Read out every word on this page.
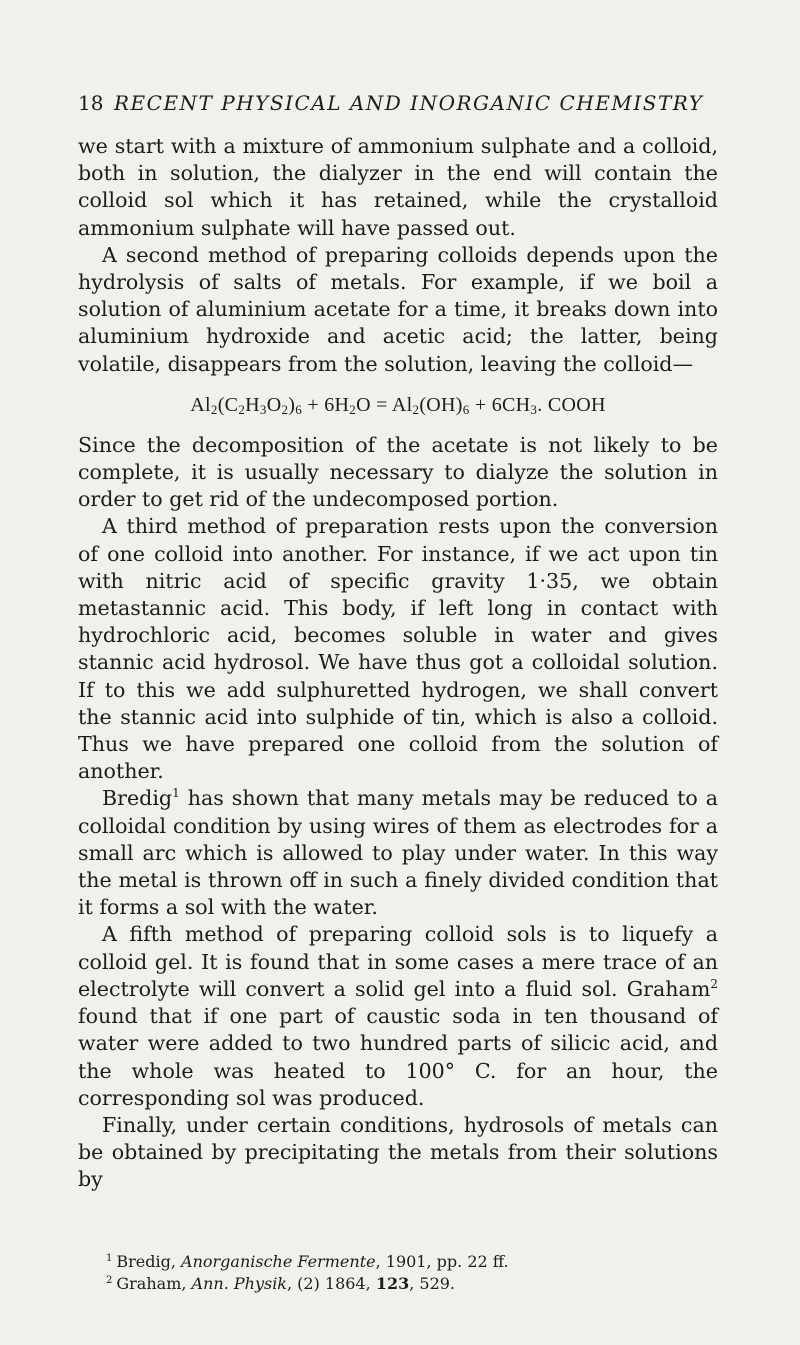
18 RECENT PHYSICAL AND INORGANIC CHEMISTRY

we start with a mixture of ammonium sulphate and a colloid, both in solution, the dialyzer in the end will contain the colloid sol which it has retained, while the crystalloid ammonium sulphate will have passed out.

A second method of preparing colloids depends upon the hydrolysis of salts of metals. For example, if we boil a solution of aluminium acetate for a time, it breaks down into aluminium hydroxide and acetic acid; the latter, being volatile, disappears from the solution, leaving the colloid—

$Al_2(C_2H_3O_2)_6 + 6H_2O = Al_2(OH)_6 + 6CH_3$. COOH

Since the decomposition of the acetate is not likely to be complete, it is usually necessary to dialyze the solution in order to get rid of the undecomposed portion.

A third method of preparation rests upon the conversion of one colloid into another. For instance, if we act upon tin with nitric acid of specific gravity 1·35, we obtain metastannic acid. This body, if left long in contact with hydrochloric acid, becomes soluble in water and gives stannic acid hydrosol. We have thus got a colloidal solution. If to this we add sulphuretted hydrogen, we shall convert the stannic acid into sulphide of tin, which is also a colloid. Thus we have prepared one colloid from the solution of another.

Bredig$^1$ has shown that many metals may be reduced to a colloidal condition by using wires of them as electrodes for a small arc which is allowed to play under water. In this way the metal is thrown off in such a finely divided condition that it forms a sol with the water.

A fifth method of preparing colloid sols is to liquefy a colloid gel. It is found that in some cases a mere trace of an electrolyte will convert a solid gel into a fluid sol. Graham$^2$ found that if one part of caustic soda in ten thousand of water were added to two hundred parts of silicic acid, and the whole was heated to 100° C. for an hour, the corresponding sol was produced.

Finally, under certain conditions, hydrosols of metals can be obtained by precipitating the metals from their solutions by

$^1$ Bredig, Anorganische Fermente, 1901, pp. 22 ff.

$^2$ Graham, Ann. Physik, (2) 1864, 123, 529.
